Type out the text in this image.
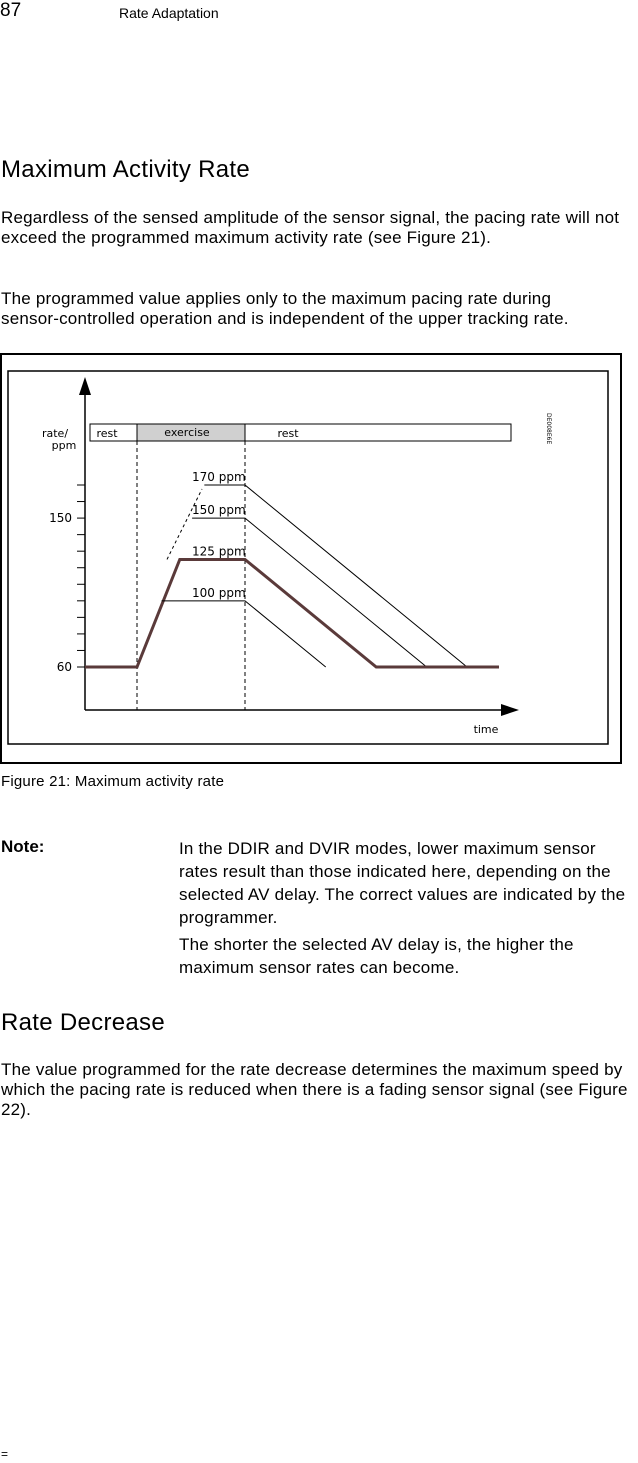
87	Rate Adaptation
Maximum Activity Rate

Regardless of the sensed amplitude of the sensor signal, the pacing rate will not exceed the programmed maximum activity rate (see Figure 21).

The programmed value applies only to the maximum pacing rate during sensor-controlled operation and is independent of the upper tracking rate.

rate/
time
rest	exercise	rest	DE008E6E
60
150
170 ppm
150 ppm
125 ppm
100 ppm
ppm
Figure 21: Maximum activity rate
Note:	In the DDIR and DVIR modes, lower maximum sensor rates result than those indicated here, depending on the selected AV delay. The correct values are indicated by the programmer.

The shorter the selected AV delay is, the higher the maximum sensor rates can become.

Rate Decrease

The value programmed for the rate decrease determines the maximum speed by which the pacing rate is reduced when there is a fading sensor signal (see Figure 22).

=
